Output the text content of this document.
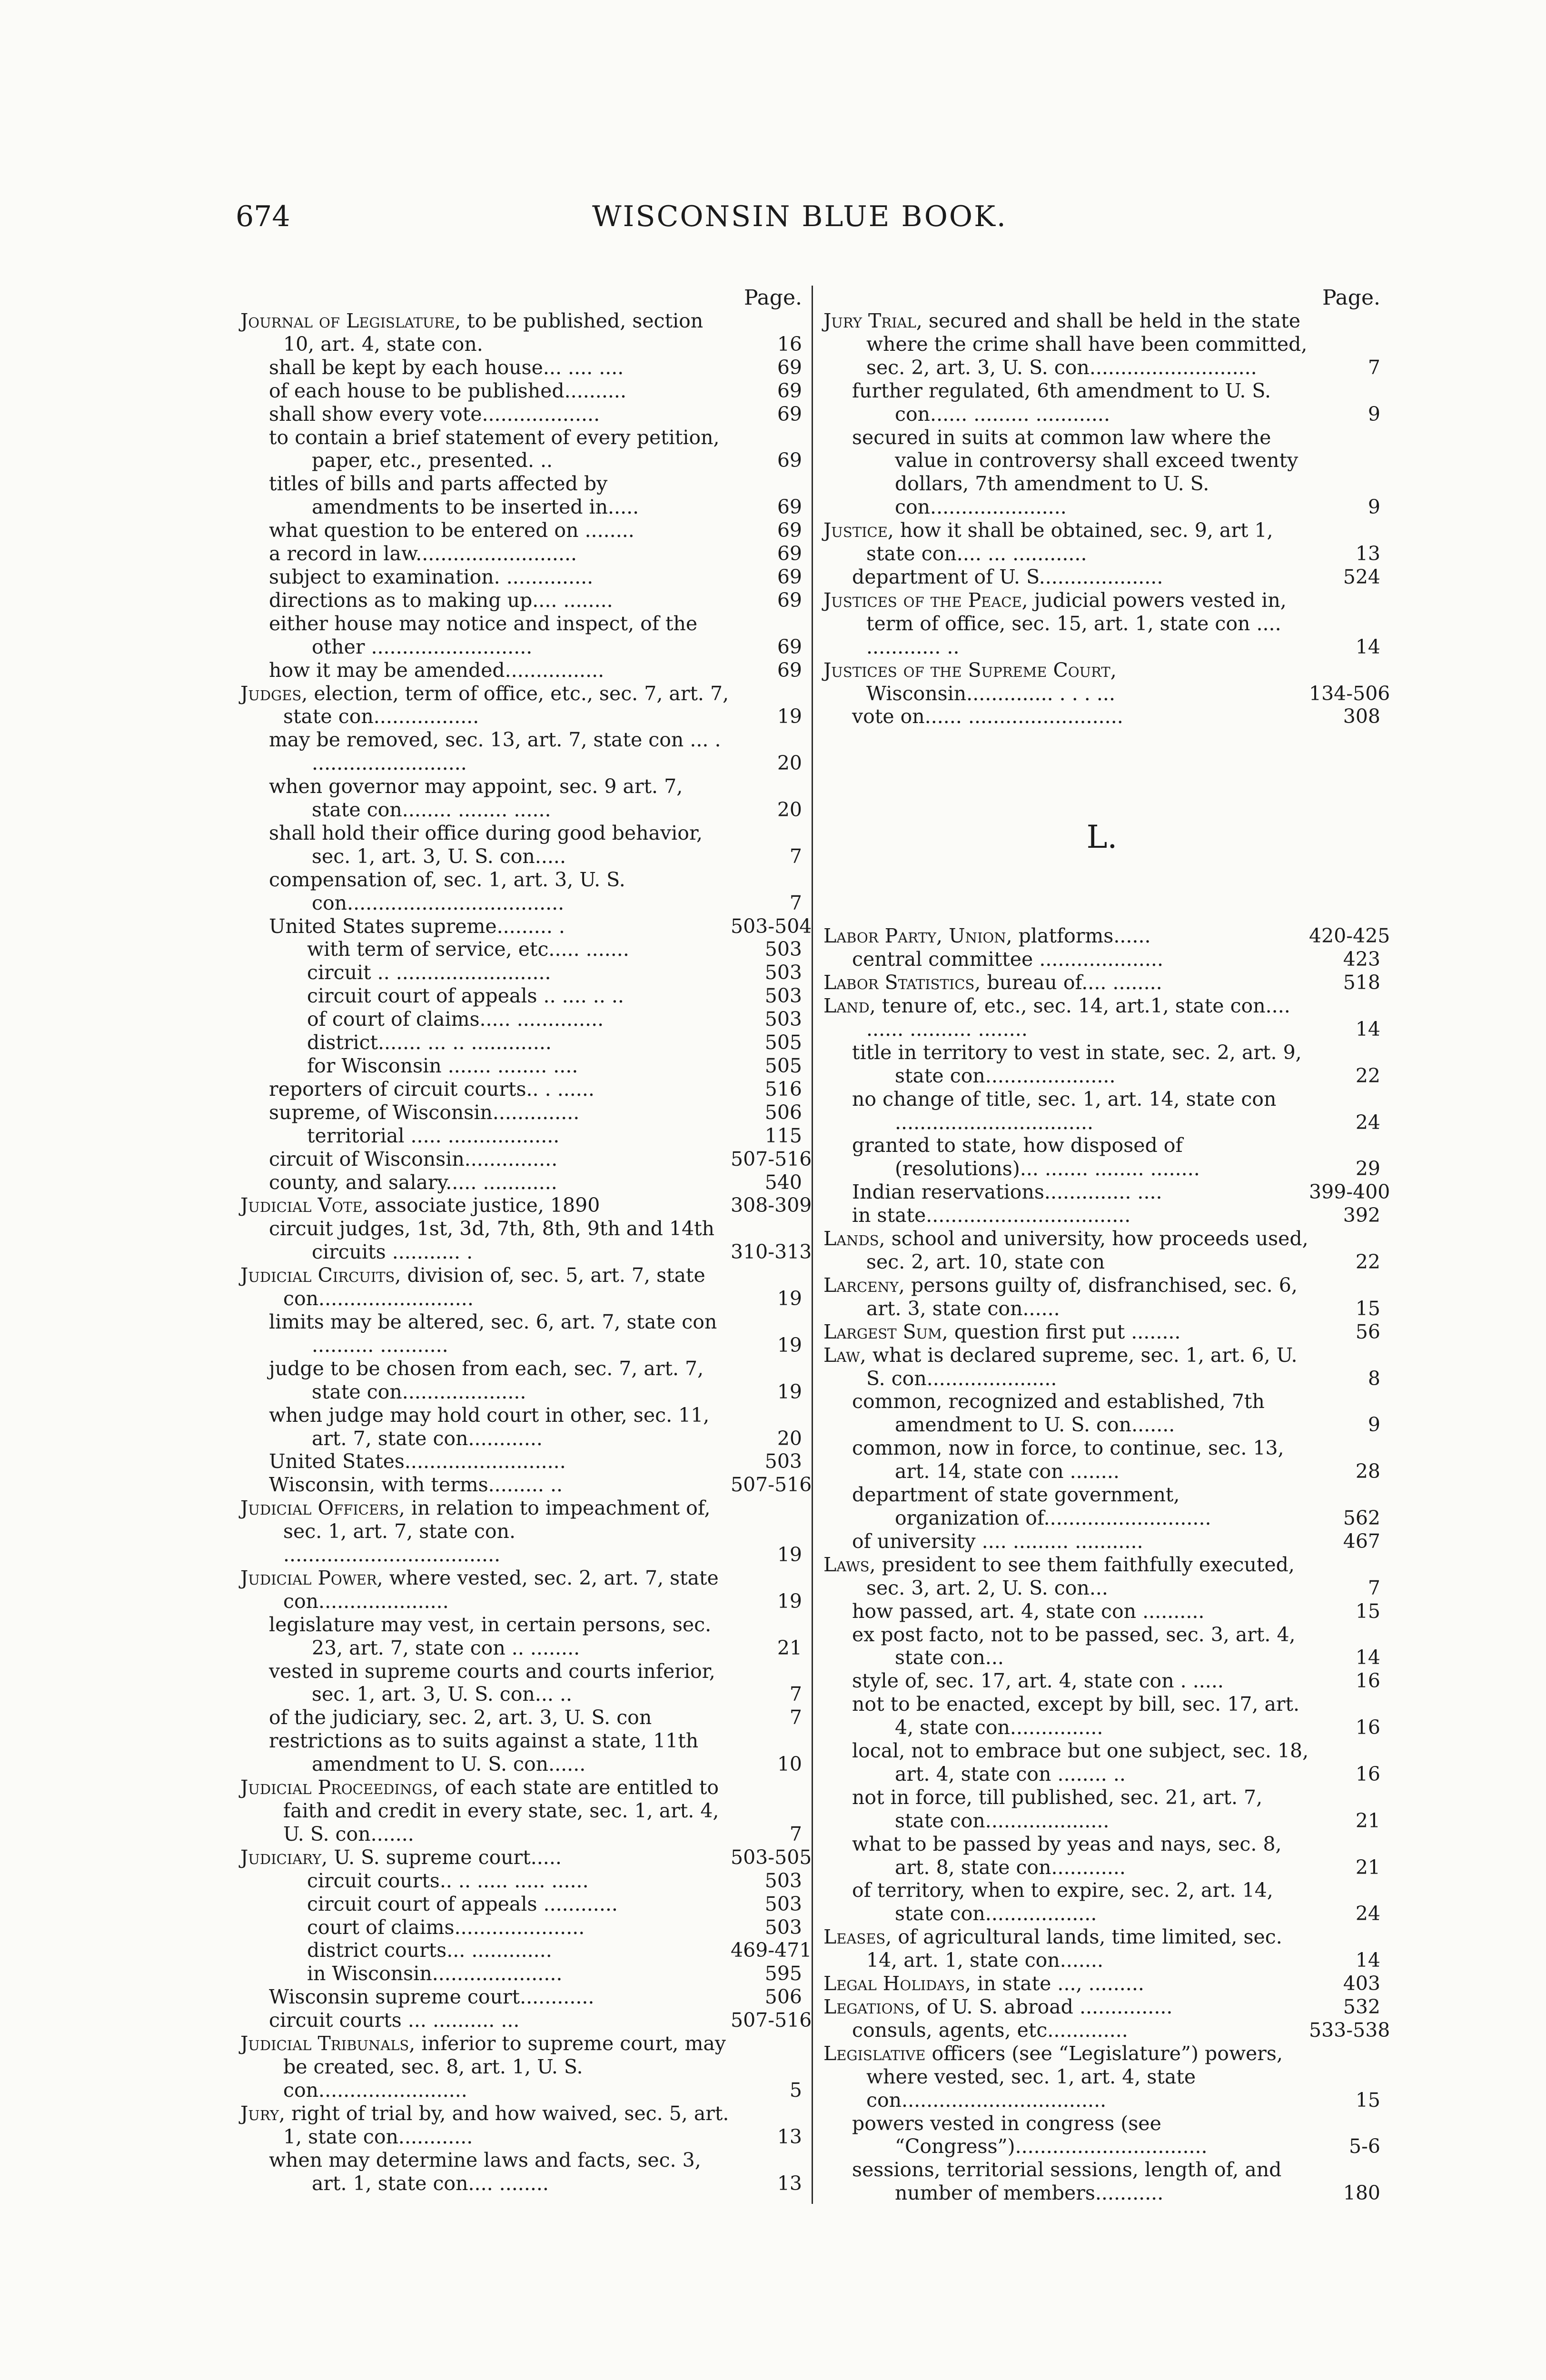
674	WISCONSIN BLUE BOOK.
Page.
Journal of Legislature, to be published, section 10, art. 4, state con.	16
shall be kept by each house... .... ....	69
of each house to be published..........	69
shall show every vote...................	69
to contain a brief statement of every petition, paper, etc., presented. ..	69
titles of bills and parts affected by amendments to be inserted in.....	69
what question to be entered on ........	69
a record in law..........................	69
subject to examination. ..............	69
directions as to making up.... ........	69
either house may notice and inspect, of the other ..........................	69
how it may be amended................	69
Judges, election, term of office, etc., sec. 7, art. 7, state con.................	19
may be removed, sec. 13, art. 7, state con ... . .........................	20
when governor may appoint, sec. 9 art. 7, state con........ ........ ......	20
shall hold their office during good behavior, sec. 1, art. 3, U. S. con.....	7
compensation of, sec. 1, art. 3, U. S. con...................................	7
United States supreme......... .	503-504
with term of service, etc..... .......	503
circuit .. .........................	503
circuit court of appeals .. .... .. ..	503
of court of claims..... ..............	503
district....... ... .. .............	505
for Wisconsin ....... ........ ....	505
reporters of circuit courts.. . ......	516
supreme, of Wisconsin..............	506
territorial ..... ..................	115
circuit of Wisconsin...............	507-516
county, and salary..... ............	540
Judicial Vote, associate justice, 1890	308-309
circuit judges, 1st, 3d, 7th, 8th, 9th and 14th circuits ........... .	310-313
Judicial Circuits, division of, sec. 5, art. 7, state con.........................	19
limits may be altered, sec. 6, art. 7, state con .......... ...........	19
judge to be chosen from each, sec. 7, art. 7, state con....................	19
when judge may hold court in other, sec. 11, art. 7, state con............	20
United States..........................	503
Wisconsin, with terms......... ..	507-516
Judicial Officers, in relation to impeachment of, sec. 1, art. 7, state con. ...................................	19
Judicial Power, where vested, sec. 2, art. 7, state con.....................	19
legislature may vest, in certain persons, sec. 23, art. 7, state con .. ........	21
vested in supreme courts and courts inferior, sec. 1, art. 3, U. S. con... ..	7
of the judiciary, sec. 2, art. 3, U. S. con	7
restrictions as to suits against a state, 11th amendment to U. S. con......	10
Judicial Proceedings, of each state are entitled to faith and credit in every state, sec. 1, art. 4, U. S. con.......	7
Judiciary, U. S. supreme court.....	503-505
circuit courts.. .. ..... ..... ......	503
circuit court of appeals ............	503
court of claims.....................	503
district courts... .............	469-471
in Wisconsin.....................	595
Wisconsin supreme court............	506
circuit courts ... .......... ...	507-516
Judicial Tribunals, inferior to supreme court, may be created, sec. 8, art. 1, U. S. con........................	5
Jury, right of trial by, and how waived, sec. 5, art. 1, state con............	13
when may determine laws and facts, sec. 3, art. 1, state con.... ........	13
Page.
Jury Trial, secured and shall be held in the state where the crime shall have been committed, sec. 2, art. 3, U. S. con...........................	7
further regulated, 6th amendment to U. S. con...... ......... ............	9
secured in suits at common law where the value in controversy shall exceed twenty dollars, 7th amendment to U. S. con......................	9
Justice, how it shall be obtained, sec. 9, art 1, state con.... ... ............	13
department of U. S....................	524
Justices of the Peace, judicial powers vested in, term of office, sec. 15, art. 1, state con .... ............ ..	14
Justices of the Supreme Court, Wisconsin.............. . . . ...	134-506
vote on...... .........................	308
L.
Labor Party, Union, platforms......	420-425
central committee ....................	423
Labor Statistics, bureau of.... ........	518
Land, tenure of, etc., sec. 14, art.1, state con.... ...... .......... ........	14
title in territory to vest in state, sec. 2, art. 9, state con.....................	22
no change of title, sec. 1, art. 14, state con ................................	24
granted to state, how disposed of (resolutions)... ....... ........ ........	29
Indian reservations.............. ....	399-400
in state.................................	392
Lands, school and university, how proceeds used, sec. 2, art. 10, state con	22
Larceny, persons guilty of, disfranchised, sec. 6, art. 3, state con......	15
Largest Sum, question first put ........	56
Law, what is declared supreme, sec. 1, art. 6, U. S. con.....................	8
common, recognized and established, 7th amendment to U. S. con.......	9
common, now in force, to continue, sec. 13, art. 14, state con ........	28
department of state government, organization of...........................	562
of university .... ......... ...........	467
Laws, president to see them faithfully executed, sec. 3, art. 2, U. S. con...	7
how passed, art. 4, state con ..........	15
ex post facto, not to be passed, sec. 3, art. 4, state con...	14
style of, sec. 17, art. 4, state con . .....	16
not to be enacted, except by bill, sec. 17, art. 4, state con...............	16
local, not to embrace but one subject, sec. 18, art. 4, state con ........ ..	16
not in force, till published, sec. 21, art. 7, state con....................	21
what to be passed by yeas and nays, sec. 8, art. 8, state con............	21
of territory, when to expire, sec. 2, art. 14, state con..................	24
Leases, of agricultural lands, time limited, sec. 14, art. 1, state con.......	14
Legal Holidays, in state ..., .........	403
Legations, of U. S. abroad ...............	532
consuls, agents, etc.............	533-538
Legislative officers (see “Legislature”) powers, where vested, sec. 1, art. 4, state con.................................	15
powers vested in congress (see “Congress”)...............................	5-6
sessions, territorial sessions, length of, and number of members...........	180
